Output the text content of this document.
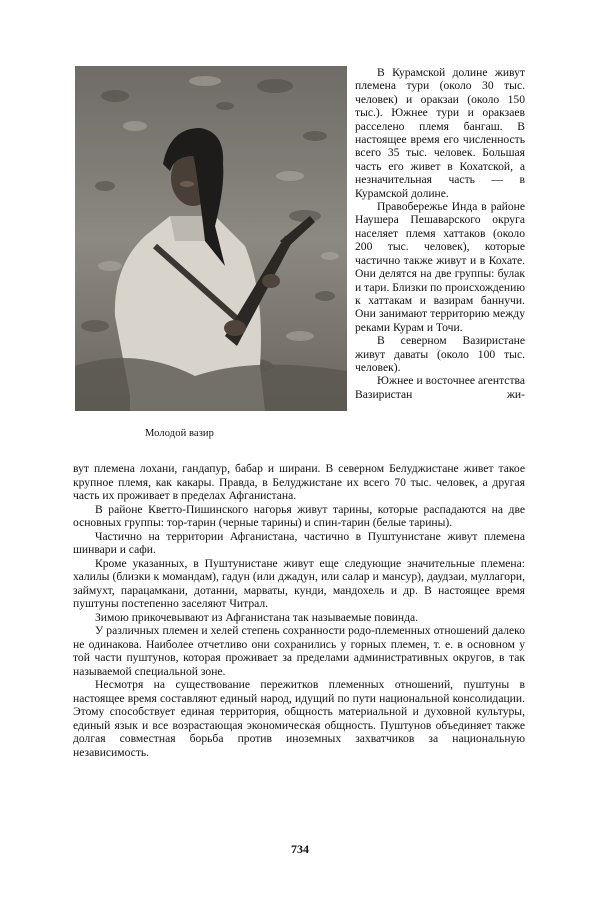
Молодой вазир

В Курамской долине живут племена тури (около 30 тыс. человек) и оракзаи (около 150 тыс.). Южнее тури и оракзаев расселено племя бангаш. В настоящее время его численность всего 35 тыс. человек. Большая часть его живет в Кохатской, а незначительная часть — в Курамской долине.

Правобережье Инда в районе Наушера Пешаварского округа населяет племя хаттаков (около 200 тыс. человек), которые частично также живут и в Кохате. Они делятся на две группы: булак и тари. Близки по происхождению к хаттакам и вазирам баннучи. Они занимают территорию между реками Курам и Точи.

В северном Вазиристане живут даваты (около 100 тыс. человек).

Южнее и восточнее агентства Вазиристан жи-

вут племена лохани, гандапур, бабар и ширани. В северном Белуджистане живет такое крупное племя, как какары. Правда, в Белуджистане их всего 70 тыс. человек, а другая часть их проживает в пределах Афганистана.

В районе Кветто-Пишинского нагорья живут тарины, которые распадаются на две основных группы: тор-тарин (черные тарины) и спин-тарин (белые тарины).

Частично на территории Афганистана, частично в Пуштунистане живут племена шинвари и сафи.

Кроме указанных, в Пуштунистане живут еще следующие значительные племена: халилы (близки к момандам), гадун (или джадун, или салар и мансур), даудзаи, муллагори, займухт, парацамкани, дотанни, марваты, кунди, мандохель и др. В настоящее время пуштуны постепенно заселяют Читрал.

Зимою прикочевывают из Афганистана так называемые повинда.

У различных племен и хелей степень сохранности родо-племенных отношений далеко не одинакова. Наиболее отчетливо они сохранились у горных племен, т. е. в основном у той части пуштунов, которая проживает за пределами административных округов, в так называемой специальной зоне.

Несмотря на существование пережитков племенных отношений, пуштуны в настоящее время составляют единый народ, идущий по пути национальной консолидации. Этому способствует единая территория, общность материальной и духовной культуры, единый язык и все возрастающая экономическая общность. Пуштунов объединяет также долгая совместная борьба против иноземных захватчиков за национальную независимость.

734
